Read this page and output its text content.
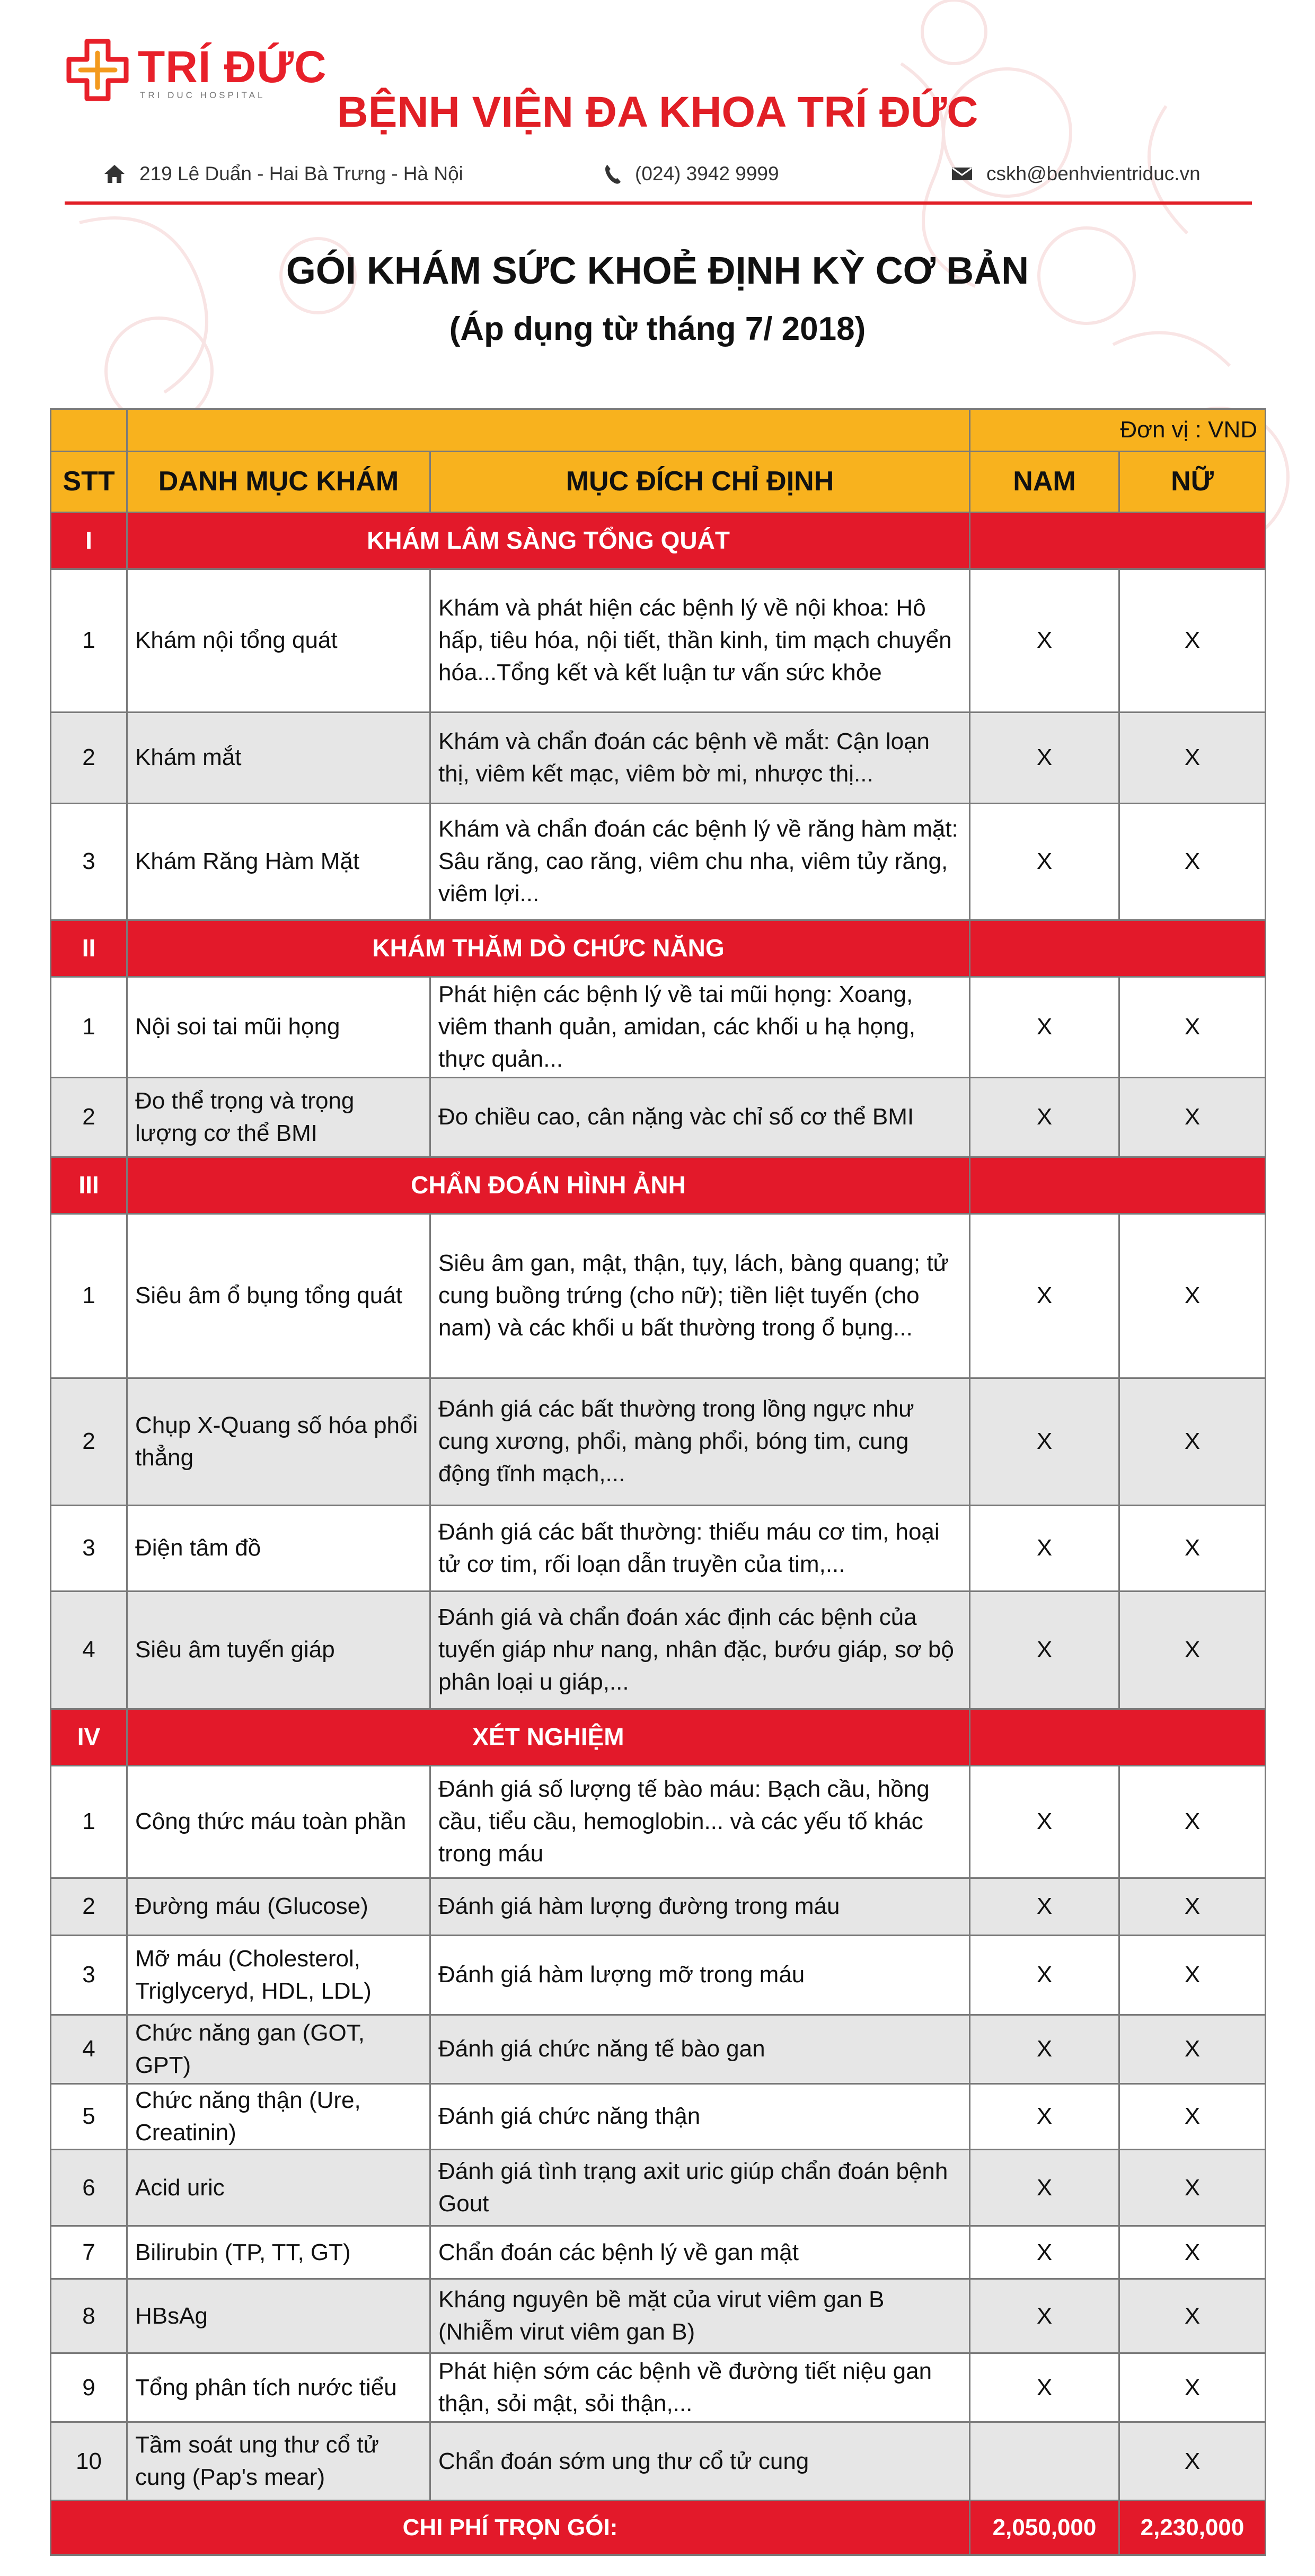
TRÍ ĐỨC
TRI DUC HOSPITAL	BỆNH VIỆN ĐA KHOA TRÍ ĐỨC
219 Lê Duẩn - Hai Bà Trưng - Hà Nội	(024) 3942 9999	cskh@benhvientriduc.vn
GÓI KHÁM SỨC KHOẺ ĐỊNH KỲ CƠ BẢN
(Áp dụng từ tháng 7/ 2018)
			Đơn vị : VND	
STT	DANH MỤC KHÁM	MỤC ĐÍCH CHỈ ĐỊNH	NAM	NỮ
I	KHÁM LÂM SÀNG TỔNG QUÁT			
1	Khám nội tổng quát	Khám và phát hiện các bệnh lý về nội khoa: Hô hấp, tiêu hóa, nội tiết, thần kinh, tim mạch chuyển hóa...Tổng kết và kết luận tư vấn sức khỏe	X	X
2	Khám mắt	Khám và chẩn đoán các bệnh về mắt: Cận loạn thị, viêm kết mạc, viêm bờ mi, nhược thị...	X	X
3	Khám Răng Hàm Mặt	Khám và chẩn đoán các bệnh lý về răng hàm mặt: Sâu răng, cao răng, viêm chu nha, viêm tủy răng, viêm lợi...	X	X
II	KHÁM THĂM DÒ CHỨC NĂNG			
1	Nội soi tai mũi họng	Phát hiện các bệnh lý về tai mũi họng: Xoang, viêm thanh quản, amidan, các khối u hạ họng, thực quản...	X	X
2	Đo thể trọng và trọng lượng cơ thể BMI	Đo chiều cao, cân nặng vàc chỉ số cơ thể BMI	X	X
III	CHẨN ĐOÁN HÌNH ẢNH			
1	Siêu âm ổ bụng tổng quát	Siêu âm gan, mật, thận, tụy, lách, bàng quang; tử cung buồng trứng (cho nữ); tiền liệt tuyến (cho nam) và các khối u bất thường trong ổ bụng...	X	X
2	Chụp X-Quang số hóa phổi thẳng	Đánh giá các bất thường trong lồng ngực như cung xương, phổi, màng phổi, bóng tim, cung động tĩnh mạch,...	X	X
3	Điện tâm đồ	Đánh giá các bất thường: thiếu máu cơ tim, hoại tử cơ tim, rối loạn dẫn truyền của tim,...	X	X
4	Siêu âm tuyến giáp	Đánh giá và chẩn đoán xác định các bệnh của tuyến giáp như nang, nhân đặc, bướu giáp, sơ bộ phân loại u giáp,...	X	X
IV	XÉT NGHIỆM			
1	Công thức máu toàn phần	Đánh giá số lượng tế bào máu: Bạch cầu, hồng cầu, tiểu cầu, hemoglobin... và các yếu tố khác trong máu	X	X
2	Đường máu (Glucose)	Đánh giá hàm lượng đường trong máu	X	X
3	Mỡ máu (Cholesterol, Triglyceryd, HDL, LDL)	Đánh giá hàm lượng mỡ trong máu	X	X
4	Chức năng gan (GOT, GPT)	Đánh giá chức năng tế bào gan	X	X
5	Chức năng thận (Ure, Creatinin)	Đánh giá chức năng thận	X	X
6	Acid uric	Đánh giá tình trạng axit uric giúp chẩn đoán bệnh Gout	X	X
7	Bilirubin (TP, TT, GT)	Chẩn đoán các bệnh lý về gan mật	X	X
8	HBsAg	Kháng nguyên bề mặt của virut viêm gan B (Nhiễm virut viêm gan B)	X	X
9	Tổng phân tích nước tiểu	Phát hiện sớm các bệnh về đường tiết niệu gan thận, sỏi mật, sỏi thận,...	X	X
10	Tầm soát ung thư cổ tử cung (Pap's mear)	Chẩn đoán sớm ung thư cổ tử cung		X
CHI PHÍ TRỌN GÓI:			2,050,000	2,230,000
